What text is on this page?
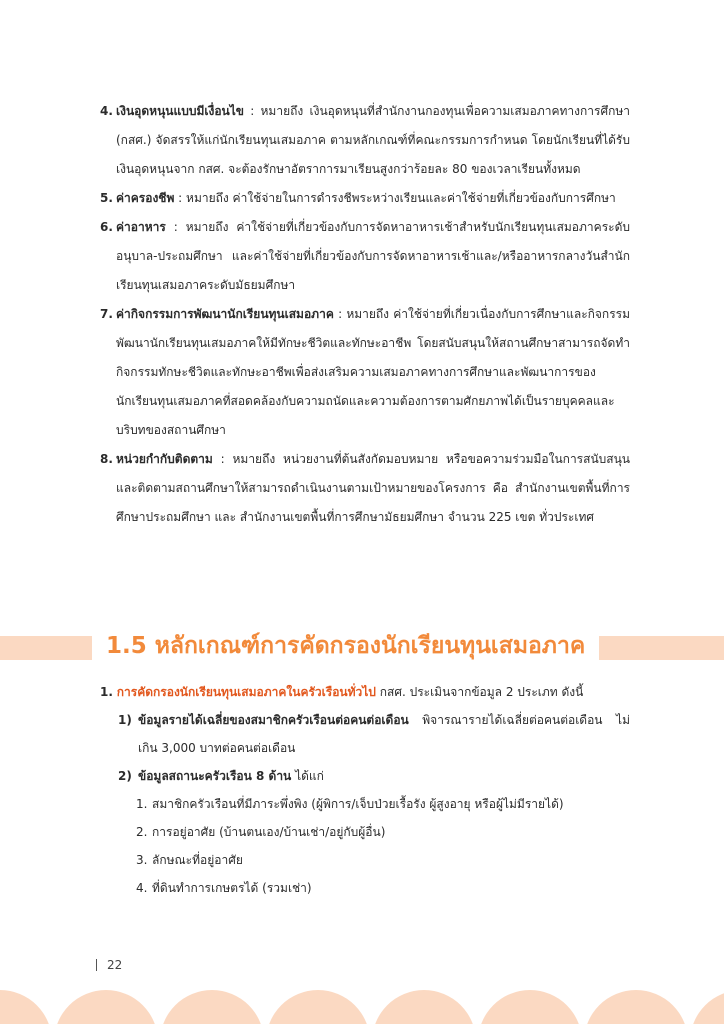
4. เงินอุดหนุนแบบมีเงื่อนไข : หมายถึง เงินอุดหนุนที่สำนักงานกองทุนเพื่อความเสมอภาคทางการศึกษา (กสศ.) จัดสรรให้แก่นักเรียนทุนเสมอภาค ตามหลักเกณฑ์ที่คณะกรรมการกำหนด โดยนักเรียนที่ได้รับเงินอุดหนุนจาก กสศ. จะต้องรักษาอัตราการมาเรียนสูงกว่าร้อยละ 80 ของเวลาเรียนทั้งหมด
5. ค่าครองชีพ : หมายถึง ค่าใช้จ่ายในการดำรงชีพระหว่างเรียนและค่าใช้จ่ายที่เกี่ยวข้องกับการศึกษา
6. ค่าอาหาร : หมายถึง ค่าใช้จ่ายที่เกี่ยวข้องกับการจัดหาอาหารเช้าสำหรับนักเรียนทุนเสมอภาคระดับ อนุบาล-ประถมศึกษา และค่าใช้จ่ายที่เกี่ยวข้องกับการจัดหาอาหารเช้าและ/หรืออาหารกลางวันสำนักเรียนทุนเสมอภาคระดับมัธยมศึกษา
7. ค่ากิจกรรมการพัฒนานักเรียนทุนเสมอภาค : หมายถึง ค่าใช้จ่ายที่เกี่ยวเนื่องกับการศึกษาและกิจกรรมพัฒนานักเรียนทุนเสมอภาคให้มีทักษะชีวิตและทักษะอาชีพ โดยสนับสนุนให้สถานศึกษาสามารถจัดทำกิจกรรมทักษะชีวิตและทักษะอาชีพเพื่อส่งเสริมความเสมอภาคทางการศึกษาและพัฒนาการของนักเรียนทุนเสมอภาคที่สอดคล้องกับความถนัดและความต้องการตามศักยภาพได้เป็นรายบุคคลและบริบทของสถานศึกษา
8. หน่วยกำกับติดตาม : หมายถึง หน่วยงานที่ต้นสังกัดมอบหมาย หรือขอความร่วมมือในการสนับสนุน และติดตามสถานศึกษาให้สามารถดำเนินงานตามเป้าหมายของโครงการ คือ สำนักงานเขตพื้นที่การศึกษาประถมศึกษา และ สำนักงานเขตพื้นที่การศึกษามัธยมศึกษา จำนวน 225 เขต ทั่วประเทศ
1.5 หลักเกณฑ์การคัดกรองนักเรียนทุนเสมอภาค
1. การคัดกรองนักเรียนทุนเสมอภาคในครัวเรือนทั่วไป กสศ. ประเมินจากข้อมูล 2 ประเภท ดังนี้
1) ข้อมูลรายได้เฉลี่ยของสมาชิกครัวเรือนต่อคนต่อเดือน พิจารณารายได้เฉลี่ยต่อคนต่อเดือน ไม่เกิน 3,000 บาทต่อคนต่อเดือน
2) ข้อมูลสถานะครัวเรือน 8 ด้าน ได้แก่
1. สมาชิกครัวเรือนที่มีภาระพึ่งพิง (ผู้พิการ/เจ็บป่วยเรื้อรัง ผู้สูงอายุ หรือผู้ไม่มีรายได้)
2. การอยู่อาศัย (บ้านตนเอง/บ้านเช่า/อยู่กับผู้อื่น)
3. ลักษณะที่อยู่อาศัย
4. ที่ดินทำการเกษตรได้ (รวมเช่า)
22
